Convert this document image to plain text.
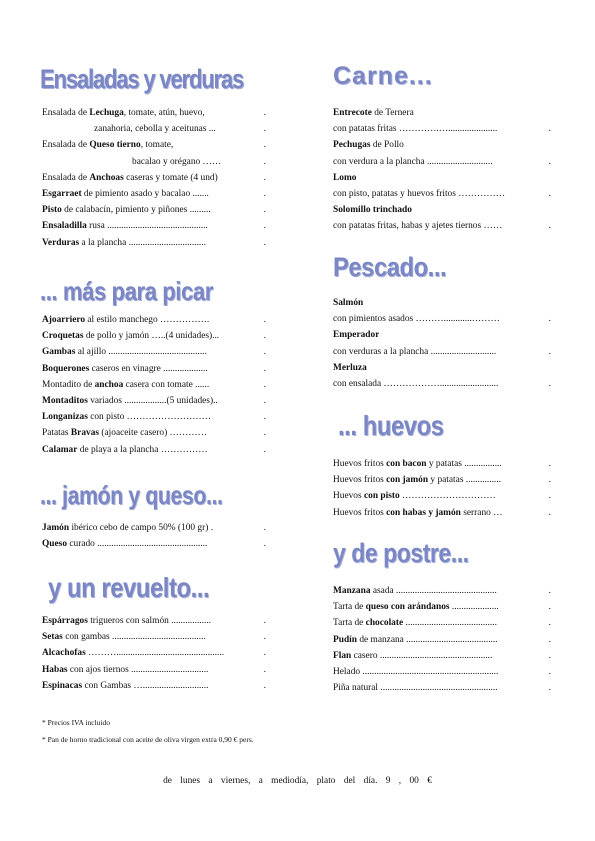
Ensaladas y verduras
Ensalada de Lechuga, tomate, atún, huevo,	.
zanahoria, cebolla y aceitunas ...	.
Ensalada de Queso tierno, tomate,	.
bacalao y orégano ……	.
Ensalada de Anchoas caseras y tomate (4 und)	.
Esgarraet de pimiento asado y bacalao .......	.
Pisto de calabacín, pimiento y piñones .........	.
Ensaladilla rusa ...........................................	.
Verduras a la plancha .................................	.
... más para picar
Ajoarriero al estilo manchego …………….	.
Croquetas de pollo y jamón …..(4 unidades)...	.
Gambas al ajillo ..........................................	.
Boquerones caseros en vinagre ...................	.
Montadito de anchoa casera con tomate ......	.
Montaditos variados ..................(5 unidades)..	.
Longanizas con pisto ………………………	.
Patatas Bravas (ajoaceite casero) …………	.
Calamar de playa a la plancha ……………	.
... jamón y queso...
Jamón ibérico cebo de campo 50% (100 gr) .	.
Queso curado ...............................................	.
y un revuelto...
Espárragos trigueros con salmón .................	.
Setas con gambas ........................................	.
Alcachofas ………..............................................	.
Habas con ajos tiernos .................................	.
Espinacas con Gambas …............................	.
Carne...
Entrecote de Ternera
con patatas fritas ………….….....................	.
Pechugas de Pollo
con verdura a la plancha ............................	.
Lomo
con pisto, patatas y huevos fritos ……………	.
Solomillo trinchado
con patatas fritas, habas y ajetes tiernos ……	.
Pescado...
Salmón
con pimientos asados ………............………	.
Emperador
con verduras a la plancha ............................	.
Merluza
con ensalada ……………….........................	.
... huevos
Huevos fritos con bacon y patatas ................	.
Huevos fritos con jamón y patatas ...............	.
Huevos con pisto …………………………	.
Huevos fritos con habas y jamón serrano …	.
y de postre...
Manzana asada ...........................................	.
Tarta de queso con arándanos ....................	.
Tarta de chocolate .......................................	.
Pudín de manzana .......................................	.
Flan casero ................................................	.
Helado ..........................................................	.
Piña natural ..................................................	.
* Precios IVA incluido
* Pan de horno tradicional con aceite de oliva virgen extra 0,90 € pers.
de lunes a viernes, a mediodía, plato del día. 9 , 00 €
